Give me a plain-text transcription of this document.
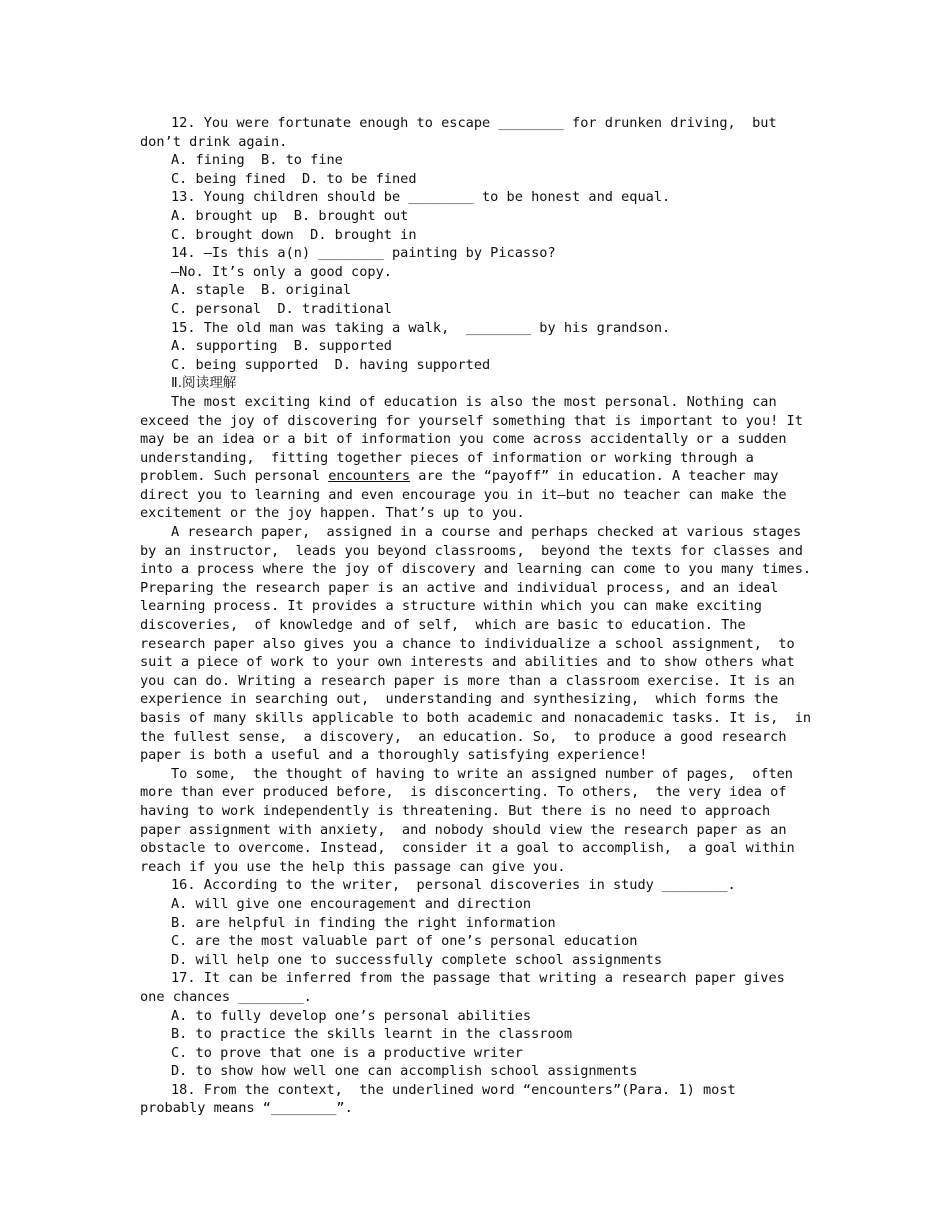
12. You were fortunate enough to escape ________ for drunken driving,  but
don’t drink again.
A. fining  B. to fine
C. being fined  D. to be fined
13. Young children should be ________ to be honest and equal.
A. brought up  B. brought out
C. brought down  D. brought in
14. —Is this a(n) ________ painting by Picasso?
—No. It’s only a good copy.
A. staple  B. original
C. personal  D. traditional
15. The old man was taking a walk,  ________ by his grandson.
A. supporting  B. supported
C. being supported  D. having supported
Ⅱ.阅读理解
The most exciting kind of education is also the most personal. Nothing can
exceed the joy of discovering for yourself something that is important to you! It
may be an idea or a bit of information you come across accidentally or a sudden
understanding,  fitting together pieces of information or working through a
problem. Such personal encounters are the “payoff” in education. A teacher may
direct you to learning and even encourage you in it—but no teacher can make the
excitement or the joy happen. That’s up to you.
A research paper,  assigned in a course and perhaps checked at various stages
by an instructor,  leads you beyond classrooms,  beyond the texts for classes and
into a process where the joy of discovery and learning can come to you many times.
Preparing the research paper is an active and individual process, and an ideal
learning process. It provides a structure within which you can make exciting
discoveries,  of knowledge and of self,  which are basic to education. The
research paper also gives you a chance to individualize a school assignment,  to
suit a piece of work to your own interests and abilities and to show others what
you can do. Writing a research paper is more than a classroom exercise. It is an
experience in searching out,  understanding and synthesizing,  which forms the
basis of many skills applicable to both academic and nonacademic tasks. It is,  in
the fullest sense,  a discovery,  an education. So,  to produce a good research
paper is both a useful and a thoroughly satisfying experience!
To some,  the thought of having to write an assigned number of pages,  often
more than ever produced before,  is disconcerting. To others,  the very idea of
having to work independently is threatening. But there is no need to approach
paper assignment with anxiety,  and nobody should view the research paper as an
obstacle to overcome. Instead,  consider it a goal to accomplish,  a goal within
reach if you use the help this passage can give you.
16. According to the writer,  personal discoveries in study ________.
A. will give one encouragement and direction
B. are helpful in finding the right information
C. are the most valuable part of one’s personal education
D. will help one to successfully complete school assignments
17. It can be inferred from the passage that writing a research paper gives
one chances ________.
A. to fully develop one’s personal abilities
B. to practice the skills learnt in the classroom
C. to prove that one is a productive writer
D. to show how well one can accomplish school assignments
18. From the context,  the underlined word “encounters”(Para. 1) most
probably means “________”.
